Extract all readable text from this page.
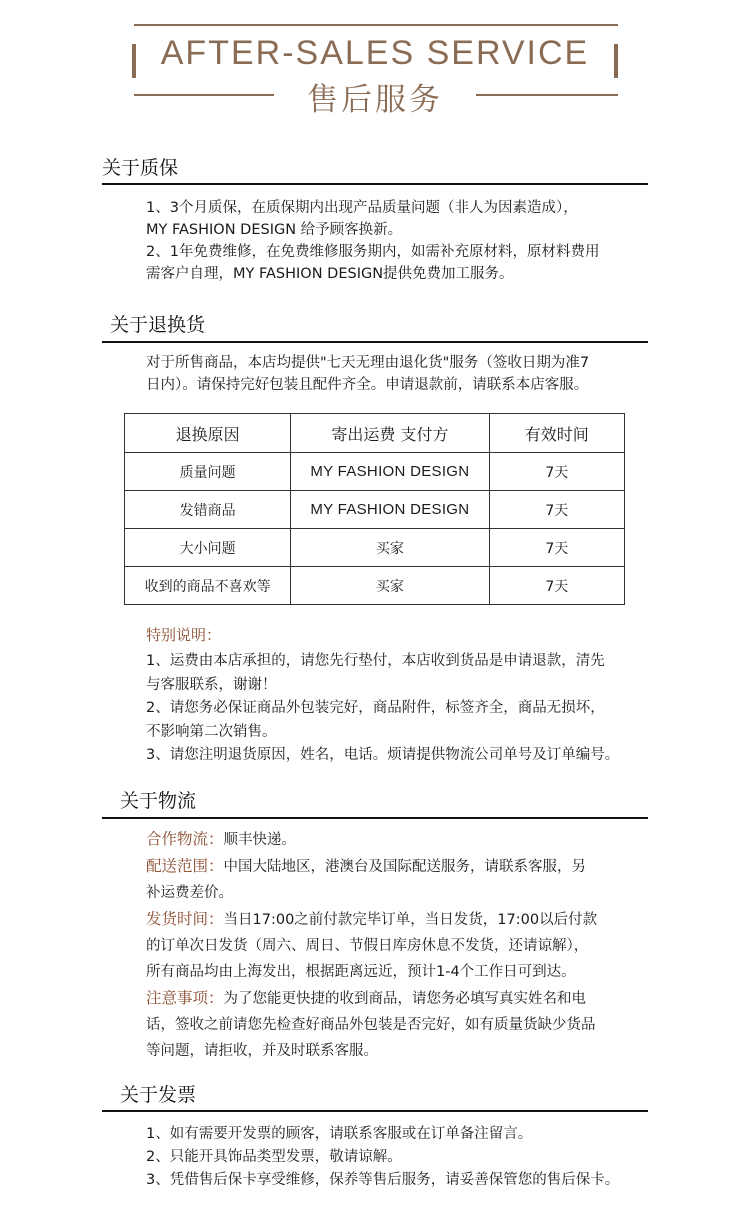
AFTER-SALES SERVICE
售后服务
关于质保
1、3个月质保，在质保期内出现产品质量问题（非人为因素造成），
MY FASHION DESIGN 给予顾客换新。
2、1年免费维修，在免费维修服务期内，如需补充原材料，原材料费用
需客户自理，MY FASHION DESIGN提供免费加工服务。
关于退换货
对于所售商品，本店均提供"七天无理由退化货"服务（签收日期为准7
日内）。请保持完好包装且配件齐全。申请退款前，请联系本店客服。
退换原因	寄出运费 支付方	有效时间
质量问题	MY FASHION DESIGN	7天
发错商品	MY FASHION DESIGN	7天
大小问题	买家	7天
收到的商品不喜欢等	买家	7天
特别说明：
1、运费由本店承担的，请您先行垫付，本店收到货品是申请退款，清先
与客服联系，谢谢！
2、请您务必保证商品外包装完好，商品附件，标签齐全，商品无损坏，
不影响第二次销售。
3、请您注明退货原因，姓名，电话。烦请提供物流公司单号及订单编号。
关于物流
合作物流：顺丰快递。
配送范围：中国大陆地区，港澳台及国际配送服务，请联系客服，另
补运费差价。
发货时间：当日17:00之前付款完毕订单，当日发货，17:00以后付款
的订单次日发货（周六、周日、节假日库房休息不发货，还请谅解），
所有商品均由上海发出，根据距离远近，预计1-4个工作日可到达。
注意事项：为了您能更快捷的收到商品，请您务必填写真实姓名和电
话，签收之前请您先检查好商品外包装是否完好，如有质量货缺少货品
等问题，请拒收，并及时联系客服。
关于发票
1、如有需要开发票的顾客，请联系客服或在订单备注留言。
2、只能开具饰品类型发票，敬请谅解。
3、凭借售后保卡享受维修，保养等售后服务，请妥善保管您的售后保卡。
